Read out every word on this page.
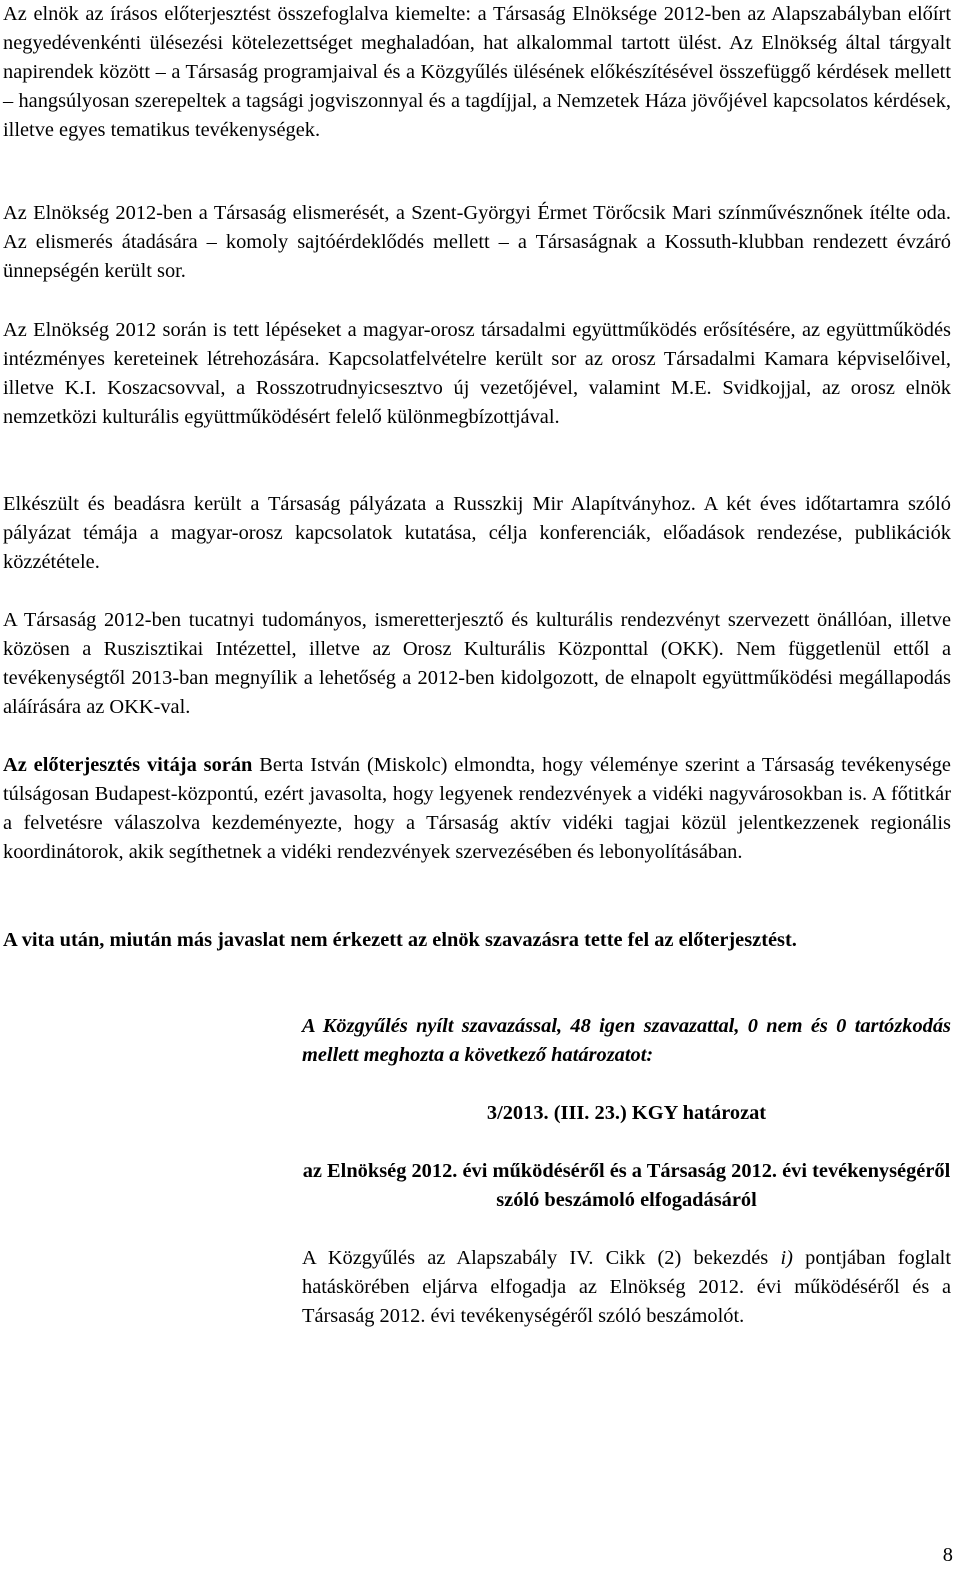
Az elnök az írásos előterjesztést összefoglalva kiemelte: a Társaság Elnöksége 2012-ben az Alapszabályban előírt negyedévenkénti ülésezési kötelezettséget meghaladóan, hat alkalommal tartott ülést. Az Elnökség által tárgyalt napirendek között – a Társaság programjaival és a Közgyűlés ülésének előkészítésével összefüggő kérdések mellett – hangsúlyosan szerepeltek a tagsági jogviszonnyal és a tagdíjjal, a Nemzetek Háza jövőjével kapcsolatos kérdések, illetve egyes tematikus tevékenységek.

Az Elnökség 2012-ben a Társaság elismerését, a Szent-Györgyi Érmet Törőcsik Mari színművésznőnek ítélte oda. Az elismerés átadására – komoly sajtóérdeklődés mellett – a Társaságnak a Kossuth-klubban rendezett évzáró ünnepségén került sor.

Az Elnökség 2012 során is tett lépéseket a magyar-orosz társadalmi együttműködés erősítésére, az együttműködés intézményes kereteinek létrehozására. Kapcsolatfelvételre került sor az orosz Társadalmi Kamara képviselőivel, illetve K.I. Koszacsovval, a Rosszotrudnyicsesztvo új vezetőjével, valamint M.E. Svidkojjal, az orosz elnök nemzetközi kulturális együttműködésért felelő különmegbízottjával.

Elkészült és beadásra került a Társaság pályázata a Russzkij Mir Alapítványhoz. A két éves időtartamra szóló pályázat témája a magyar-orosz kapcsolatok kutatása, célja konferenciák, előadások rendezése, publikációk közzététele.

A Társaság 2012-ben tucatnyi tudományos, ismeretterjesztő és kulturális rendezvényt szervezett önállóan, illetve közösen a Ruszisztikai Intézettel, illetve az Orosz Kulturális Központtal (OKK). Nem függetlenül ettől a tevékenységtől 2013-ban megnyílik a lehetőség a 2012-ben kidolgozott, de elnapolt együttműködési megállapodás aláírására az OKK-val.

Az előterjesztés vitája során Berta István (Miskolc) elmondta, hogy véleménye szerint a Társaság tevékenysége túlságosan Budapest-központú, ezért javasolta, hogy legyenek rendezvények a vidéki nagyvárosokban is. A főtitkár a felvetésre válaszolva kezdeményezte, hogy a Társaság aktív vidéki tagjai közül jelentkezzenek regionális koordinátorok, akik segíthetnek a vidéki rendezvények szervezésében és lebonyolításában.

A vita után, miután más javaslat nem érkezett az elnök szavazásra tette fel az előterjesztést.

A Közgyűlés nyílt szavazással, 48 igen szavazattal, 0 nem és 0 tartózkodás mellett meghozta a következő határozatot:

3/2013. (III. 23.) KGY határozat

az Elnökség 2012. évi működéséről és a Társaság 2012. évi tevékenységéről szóló beszámoló elfogadásáról

A Közgyűlés az Alapszabály IV. Cikk (2) bekezdés i) pontjában foglalt hatáskörében eljárva elfogadja az Elnökség 2012. évi működéséről és a Társaság 2012. évi tevékenységéről szóló beszámolót.

8
